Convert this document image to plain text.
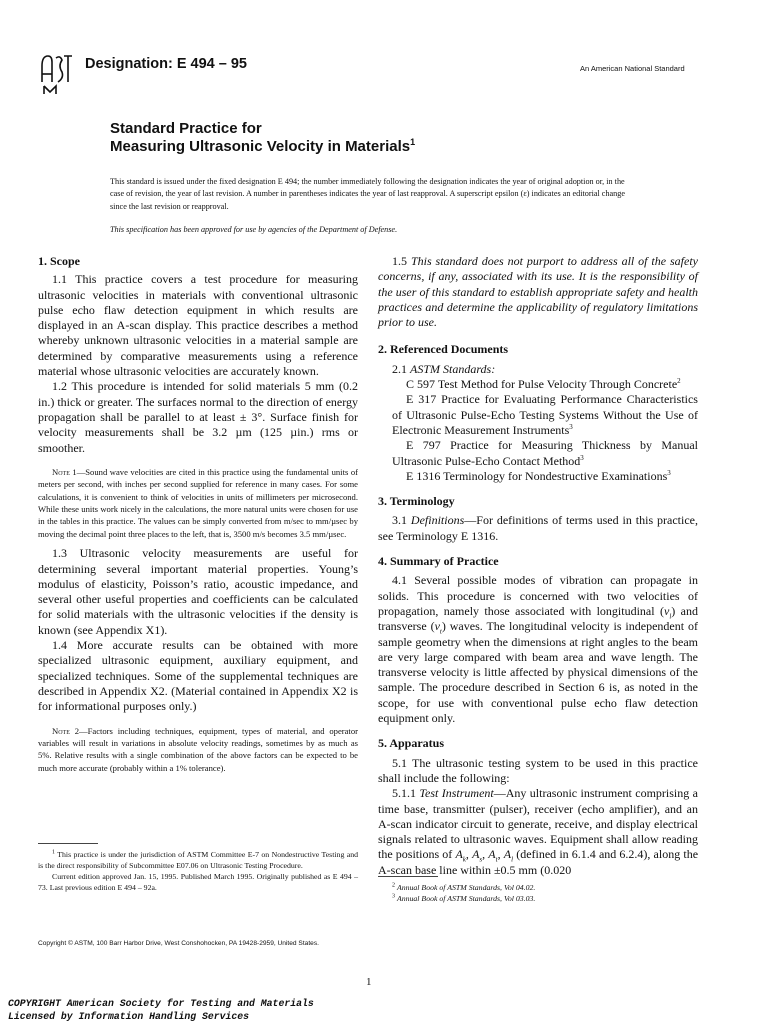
ASTM Designation: E 494 – 95	An American National Standard
Standard Practice for
Measuring Ultrasonic Velocity in Materials$^1$
This standard is issued under the fixed designation E 494; the number immediately following the designation indicates the year of original adoption or, in the case of revision, the year of last revision. A number in parentheses indicates the year of last reapproval. A superscript epsilon (ε) indicates an editorial change since the last revision or reapproval.
This specification has been approved for use by agencies of the Department of Defense.
1. Scope

1.1 This practice covers a test procedure for measuring ultrasonic velocities in materials with conventional ultrasonic pulse echo flaw detection equipment in which results are displayed in an A-scan display. This practice describes a method whereby unknown ultrasonic velocities in a material sample are determined by comparative measurements using a reference material whose ultrasonic velocities are accurately known.

1.2 This procedure is intended for solid materials 5 mm (0.2 in.) thick or greater. The surfaces normal to the direction of energy propagation shall be parallel to at least ± 3°. Surface finish for velocity measurements shall be 3.2 µm (125 µin.) rms or smoother.

Note 1—Sound wave velocities are cited in this practice using the fundamental units of meters per second, with inches per second supplied for reference in many cases. For some calculations, it is convenient to think of velocities in units of millimeters per microsecond. While these units work nicely in the calculations, the more natural units were chosen for use in the tables in this practice. The values can be simply converted from m/sec to mm/µsec by moving the decimal point three places to the left, that is, 3500 m/s becomes 3.5 mm/µsec.

1.3 Ultrasonic velocity measurements are useful for determining several important material properties. Young’s modulus of elasticity, Poisson’s ratio, acoustic impedance, and several other useful properties and coefficients can be calculated for solid materials with the ultrasonic velocities if the density is known (see Appendix X1).

1.4 More accurate results can be obtained with more specialized ultrasonic equipment, auxiliary equipment, and specialized techniques. Some of the supplemental techniques are described in Appendix X2. (Material contained in Appendix X2 is for informational purposes only.)

Note 2—Factors including techniques, equipment, types of material, and operator variables will result in variations in absolute velocity readings, sometimes by as much as 5%. Relative results with a single combination of the above factors can be expected to be much more accurate (probably within a 1% tolerance).

$^1$ This practice is under the jurisdiction of ASTM Committee E-7 on Nondestructive Testing and is the direct responsibility of Subcommittee E07.06 on Ultrasonic Testing Procedure.

Current edition approved Jan. 15, 1995. Published March 1995. Originally published as E 494 – 73. Last previous edition E 494 – 92a.

1.5 This standard does not purport to address all of the safety concerns, if any, associated with its use. It is the responsibility of the user of this standard to establish appropriate safety and health practices and determine the applicability of regulatory limitations prior to use.

2. Referenced Documents

2.1 ASTM Standards:

C 597 Test Method for Pulse Velocity Through Concrete$^2$

E 317 Practice for Evaluating Performance Characteristics of Ultrasonic Pulse-Echo Testing Systems Without the Use of Electronic Measurement Instruments$^3$

E 797 Practice for Measuring Thickness by Manual Ultrasonic Pulse-Echo Contact Method$^3$

E 1316 Terminology for Nondestructive Examinations$^3$

3. Terminology

3.1 Definitions—For definitions of terms used in this practice, see Terminology E 1316.

4. Summary of Practice

4.1 Several possible modes of vibration can propagate in solids. This procedure is concerned with two velocities of propagation, namely those associated with longitudinal $(v_l)$ and transverse $(v_t)$ waves. The longitudinal velocity is independent of sample geometry when the dimensions at right angles to the beam are very large compared with beam area and wave length. The transverse velocity is little affected by physical dimensions of the sample. The procedure described in Section 6 is, as noted in the scope, for use with conventional pulse echo flaw detection equipment only.

5. Apparatus

5.1 The ultrasonic testing system to be used in this practice shall include the following:

5.1.1 Test Instrument—Any ultrasonic instrument comprising a time base, transmitter (pulser), receiver (echo amplifier), and an A-scan indicator circuit to generate, receive, and display electrical signals related to ultrasonic waves. Equipment shall allow reading the positions of $A_k$, $A_s$, $A_t$, $A_l$ (defined in 6.1.4 and 6.2.4), along the A-scan base line within ±0.5 mm (0.020

$^2$ Annual Book of ASTM Standards, Vol 04.02.
$^3$ Annual Book of ASTM Standards, Vol 03.03.
Copyright © ASTM, 100 Barr Harbor Drive, West Conshohocken, PA 19428-2959, United States.
1
COPYRIGHT American Society for Testing and Materials
Licensed by Information Handling Services
